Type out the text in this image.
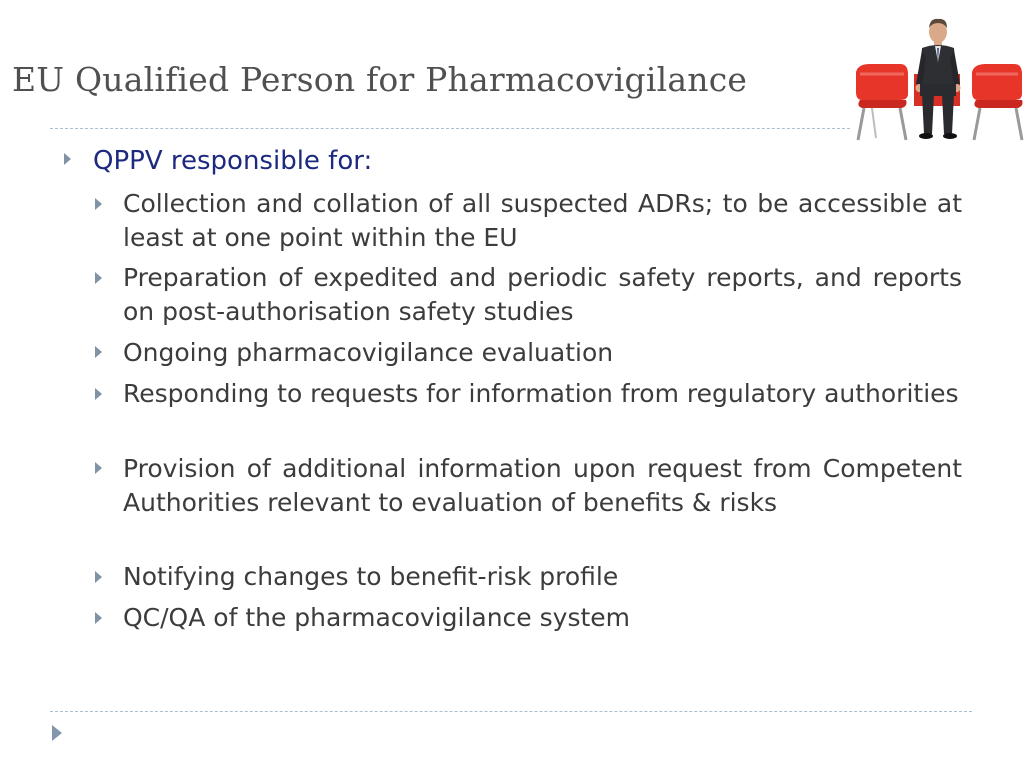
EU Qualified Person for Pharmacovigilance
QPPV responsible for:
Collection and collation of all suspected ADRs; to be accessible at least at one point within the EU
Preparation of expedited and periodic safety reports, and reports on post-authorisation safety studies
Ongoing pharmacovigilance evaluation
Responding to requests for information from regulatory authorities
Provision of additional information upon request from Competent Authorities relevant to evaluation of benefits & risks
Notifying changes to benefit-risk profile
QC/QA of the pharmacovigilance system
